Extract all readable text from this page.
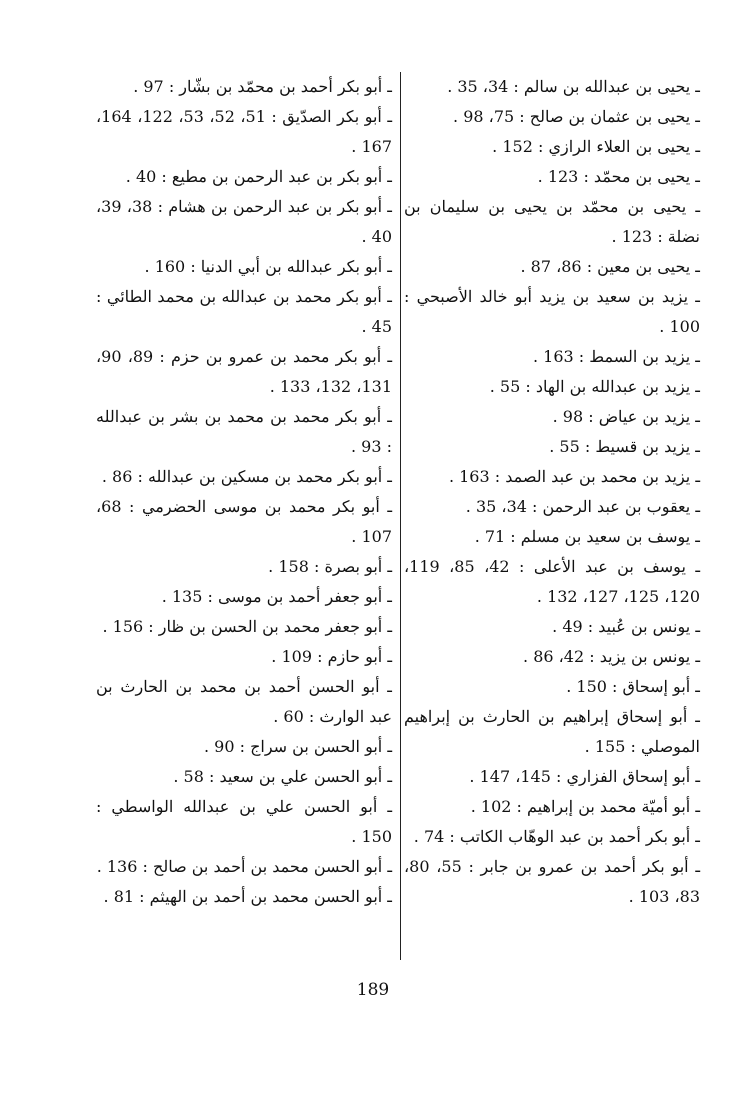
ـ يحيى بن عبدالله بن سالم : 34، 35 .

ـ يحيى بن عثمان بن صالح : 75، 98 .

ـ يحيى بن العلاء الرازي : 152 .

ـ يحيى بن محمّد : 123 .

ـ يحيى بن محمّد بن يحيى بن سليمان بن نضلة : 123 .

ـ يحيى بن معين : 86، 87 .

ـ يزيد بن سعيد بن يزيد أبو خالد الأصبحي : 100 .

ـ يزيد بن السمط : 163 .

ـ يزيد بن عبدالله بن الهاد : 55 .

ـ يزيد بن عياض : 98 .

ـ يزيد بن قسيط : 55 .

ـ يزيد بن محمد بن عبد الصمد : 163 .

ـ يعقوب بن عبد الرحمن : 34، 35 .

ـ يوسف بن سعيد بن مسلم : 71 .

ـ يوسف بن عبد الأعلى : 42، 85، 119، 120، 125، 127، 132 .

ـ يونس بن عُبيد : 49 .

ـ يونس بن يزيد : 42، 86 .

ـ أبو إسحاق : 150 .

ـ أبو إسحاق إبراهيم بن الحارث بن إبراهيم الموصلي : 155 .

ـ أبو إسحاق الفزاري : 145، 147 .

ـ أبو أميّة محمد بن إبراهيم : 102 .

ـ أبو بكر أحمد بن عبد الوهّاب الكاتب : 74 .

ـ أبو بكر أحمد بن عمرو بن جابر : 55، 80، 83، 103 .

ـ أبو بكر أحمد بن محمّد بن بشّار : 97 .

ـ أبو بكر الصدّيق : 51، 52، 53، 122، 164، 167 .

ـ أبو بكر بن عبد الرحمن بن مطيع : 40 .

ـ أبو بكر بن عبد الرحمن بن هشام : 38، 39، 40 .

ـ أبو بكر عبدالله بن أبي الدنيا : 160 .

ـ أبو بكر محمد بن عبدالله بن محمد الطائي : 45 .

ـ أبو بكر محمد بن عمرو بن حزم : 89، 90، 131، 132، 133 .

ـ أبو بكر محمد بن محمد بن بشر بن عبدالله : 93 .

ـ أبو بكر محمد بن مسكين بن عبدالله : 86 .

ـ أبو بكر محمد بن موسى الحضرمي : 68، 107 .

ـ أبو بصرة : 158 .

ـ أبو جعفر أحمد بن موسى : 135 .

ـ أبو جعفر محمد بن الحسن بن ظار : 156 .

ـ أبو حازم : 109 .

ـ أبو الحسن أحمد بن محمد بن الحارث بن عبد الوارث : 60 .

ـ أبو الحسن بن سراج : 90 .

ـ أبو الحسن علي بن سعيد : 58 .

ـ أبو الحسن علي بن عبدالله الواسطي : 150 .

ـ أبو الحسن محمد بن أحمد بن صالح : 136 .

ـ أبو الحسن محمد بن أحمد بن الهيثم : 81 .

189
